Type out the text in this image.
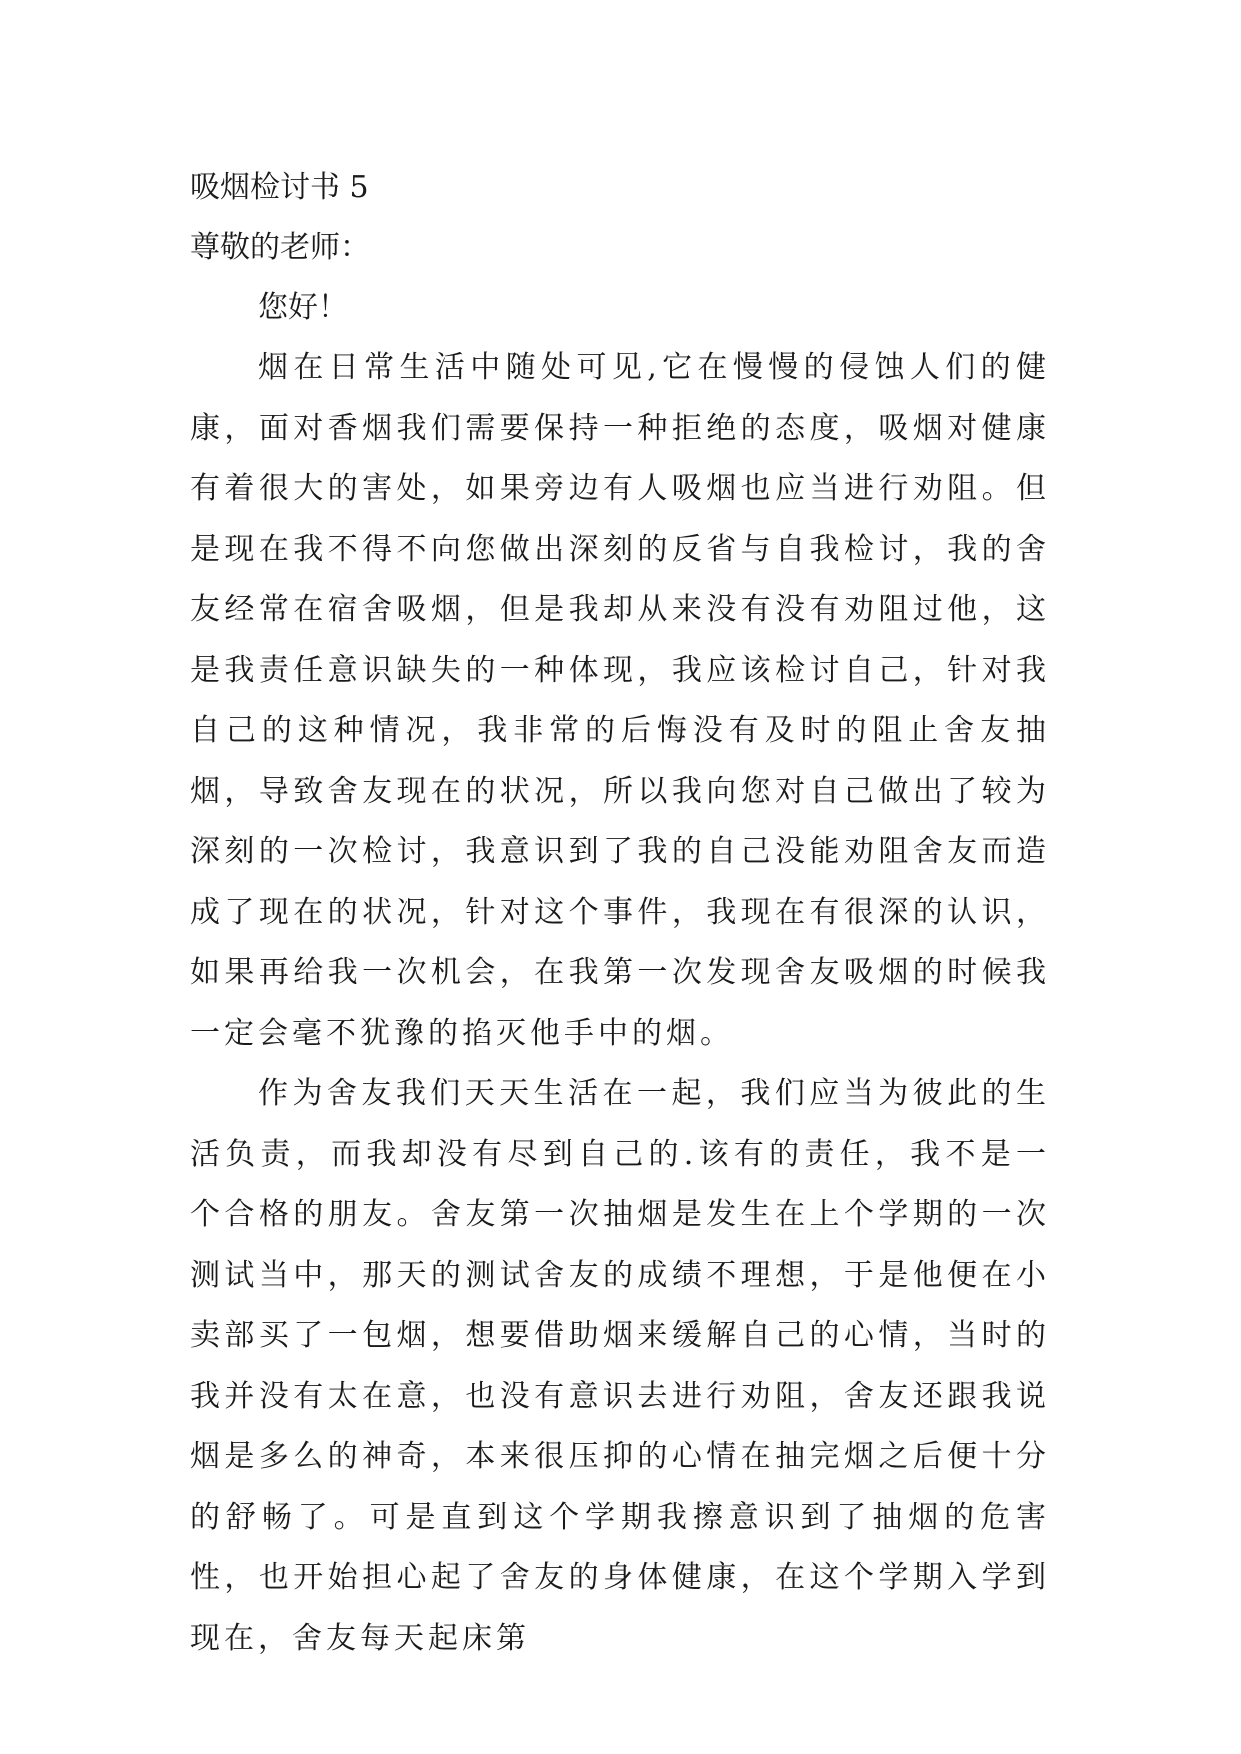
吸烟检讨书 5

尊敬的老师：

您好！

烟在日常生活中随处可见,它在慢慢的侵蚀人们的健康，面对香烟我们需要保持一种拒绝的态度，吸烟对健康有着很大的害处，如果旁边有人吸烟也应当进行劝阻。但是现在我不得不向您做出深刻的反省与自我检讨，我的舍友经常在宿舍吸烟，但是我却从来没有没有劝阻过他，这是我责任意识缺失的一种体现，我应该检讨自己，针对我自己的这种情况，我非常的后悔没有及时的阻止舍友抽烟，导致舍友现在的状况，所以我向您对自己做出了较为深刻的一次检讨，我意识到了我的自己没能劝阻舍友而造成了现在的状况，针对这个事件，我现在有很深的认识，如果再给我一次机会，在我第一次发现舍友吸烟的时候我一定会毫不犹豫的掐灭他手中的烟。

作为舍友我们天天生活在一起，我们应当为彼此的生活负责，而我却没有尽到自己的.该有的责任，我不是一个合格的朋友。舍友第一次抽烟是发生在上个学期的一次测试当中，那天的测试舍友的成绩不理想，于是他便在小卖部买了一包烟，想要借助烟来缓解自己的心情，当时的我并没有太在意，也没有意识去进行劝阻，舍友还跟我说烟是多么的神奇，本来很压抑的心情在抽完烟之后便十分的舒畅了。可是直到这个学期我擦意识到了抽烟的危害性，也开始担心起了舍友的身体健康，在这个学期入学到现在，舍友每天起床第
